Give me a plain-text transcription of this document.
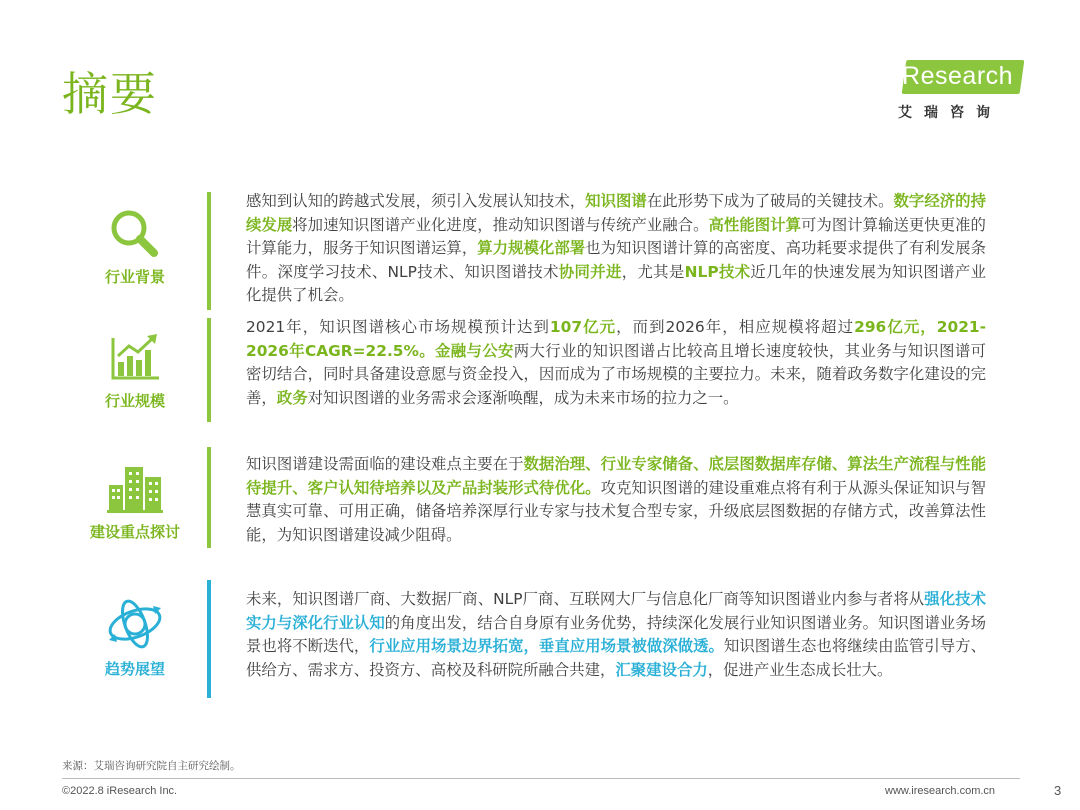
摘要	iResearch
艾瑞咨询
行业背景
感知到认知的跨越式发展，须引入发展认知技术，知识图谱在此形势下成为了破局的关键技术。数字经济的持续发展将加速知识图谱产业化进度，推动知识图谱与传统产业融合。高性能图计算可为图计算输送更快更准的计算能力，服务于知识图谱运算，算力规模化部署也为知识图谱计算的高密度、高功耗要求提供了有利发展条件。深度学习技术、NLP技术、知识图谱技术协同并进，尤其是NLP技术近几年的快速发展为知识图谱产业化提供了机会。
行业规模
2021年，知识图谱核心市场规模预计达到107亿元，而到2026年，相应规模将超过296亿元，2021-2026年CAGR=22.5%。金融与公安两大行业的知识图谱占比较高且增长速度较快，其业务与知识图谱可密切结合，同时具备建设意愿与资金投入，因而成为了市场规模的主要拉力。未来，随着政务数字化建设的完善，政务对知识图谱的业务需求会逐渐唤醒，成为未来市场的拉力之一。
建设重点探讨
知识图谱建设需面临的建设难点主要在于数据治理、行业专家储备、底层图数据库存储、算法生产流程与性能待提升、客户认知待培养以及产品封装形式待优化。攻克知识图谱的建设重难点将有利于从源头保证知识与智慧真实可靠、可用正确，储备培养深厚行业专家与技术复合型专家，升级底层图数据的存储方式，改善算法性能，为知识图谱建设减少阻碍。
趋势展望
未来，知识图谱厂商、大数据厂商、NLP厂商、互联网大厂与信息化厂商等知识图谱业内参与者将从强化技术实力与深化行业认知的角度出发，结合自身原有业务优势，持续深化发展行业知识图谱业务。知识图谱业务场景也将不断迭代，行业应用场景边界拓宽，垂直应用场景被做深做透。知识图谱生态也将继续由监管引导方、供给方、需求方、投资方、高校及科研院所融合共建，汇聚建设合力，促进产业生态成长壮大。
来源：艾瑞咨询研究院自主研究绘制。
©2022.8 iResearch Inc.	www.iresearch.com.cn	3
